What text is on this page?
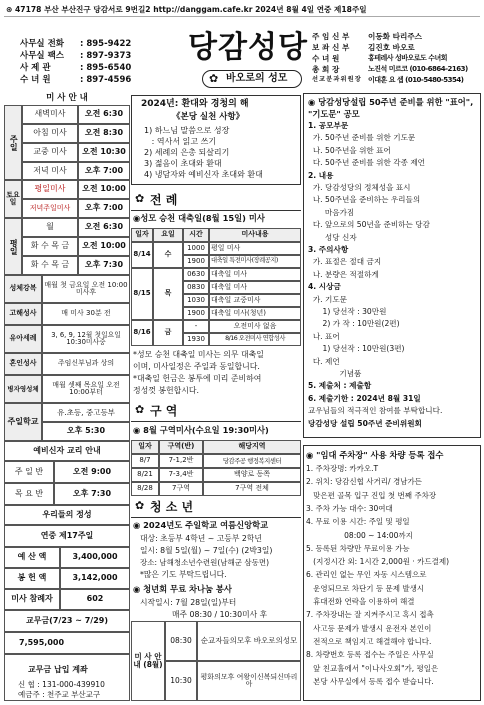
⊛ 47178 부산 부산진구 당감서로 9번길2 http://danggam.cafe.kr 2024년 8월 4일 연중 제18주일
사무실 전화 : 895-9422
사무실 팩스 : 897-9373
사 제 관	: 895-6540
수 녀 원	: 897-4596
당감성당
✿ 바오로의 성모
주 임 신 부 이동화 타리주스
보 좌 신 부 김진호 바오로
수 녀 원	홍테레사 성바오로도 수녀회
총 회 장	노진석 미르코 (010-6864-2163)
선 교 분 과 위 원 장 이대훈 요 셉 (010-5480-5354)
미 사 안 내
주일
새벽미사	오전 6:30
아침 미사	오전 8:30
교중 미사	오전 10:30
저녁 미사	오후 7:00
토요일
평일미사	오전 10:00
저녁주일미사	오후 7:00
평일
월	오전 6:30
화 수 목 금	오전 10:00
화 수 목 금	오후 7:30
성체강복	매월 첫 금요일 오전 10:00 미사후
고해성사	매 미사 30분 전
유아세례	3, 6, 9, 12월 첫일요일 10:30미사중
혼인성사	주임신부님과 상의
병자영성체	매월 셋째 목요일 오전 10:00부터
주일학교
유.초등, 중고등부
오후 5:30
예비신자 교리 안내
주 일 반	오전 9:00
목 요 반	오후 7:30
우리들의 정성
연중 제17주일
예 산 액	3,400,000
봉 헌 액	3,142,000
미사 참례자	602
교무금(7/23 ~ 7/29)
7,595,000
교무금 납입 계좌
신 협 : 131-000-439910
예금주 : 천주교 부산교구
2024년: 환대와 경청의 해
《본당 실천 사항》
1) 하느님 말씀으로 성장
: 역사서 읽고 쓰기
2) 세례의 은총 되살리기
3) 젊음이 초대와 환대
4) 냉담자와 예비신자 초대와 환대
✿ 전 례
◉성모 승천 대축일(8월 15일) 미사
일자	요일	시간	미사내용
8/14	수
1000 평일 미사
1900 대축일 특전미사(장례공지)
8/15	목
0630 대축일 미사
0830 대축일 미사
1030 대축일 교중미사
1900 대축일 미사(청년)
8/16	금
-	오전미사 없음
1930	8/16 오전미사 연합성사
*성모 승천 대축일 미사는 의무 대축일
이며, 미사일정은 주일과 동일합니다.
*대축일 헌금은 봉투에 미리 준비하여
정성껏 봉헌합시다.
✿ 구 역
◉ 8월 구역미사(수요일 19:30미사)
일자	구역(반)	해당지역
8/7	7-1,2반	당감주공 행정복지센터
8/21	7-3,4반	백양로 동쪽
8/28	7구역	7구역 전체
✿ 청 소 년
◉ 2024년도 주일학교 여름신앙학교
대상: 초등부 4학년 ~ 고등부 2학년
일시: 8월 5일(월) ~ 7일(수) (2박3일)
장소: 남해청소년수련원(남해군 삼동면)
*많은 기도 부탁드립니다.
◉ 청년회 무료 차나눔 봉사
시작일시: 7월 28일(일)부터
매주 08:30 / 10:30미사 후
미 사 안 내 (8월)
08:30	순교자들의모후 바오로의성모
10:30	평화의모후 여왕이신복되신마리아
◉ 당감성당설립 50주년 준비를 위한 "표어", "기도문" 공모
1. 공모부문
가. 50주년 준비를 위한 기도문
나. 50주년을 위한 표어
다. 50주년 준비를 위한 각종 제언
2. 내용
가. 당감성당의 정체성을 표시
나. 50주년을 준비하는 우리들의
마음가짐
다. 앞으로의 50년을 준비하는 당감
성당 신자
3. 주의사항
가. 표절은 절대 금지
나. 분량은 적절하게
4. 시상금
가. 기도문
1) 당선작 : 30만원
2) 가 작 : 10만원(2편)
나. 표어
1) 당선작 : 10만원(3편)
다. 제언
기념품
5. 제출처 : 제출함
6. 제출기한 : 2024년 8월 31일
교우님들의 적극적인 참여를 부탁합니다.
당감성당 설립 50주년 준비위원회
◉ "임대 주차장" 사용 차량 등록 접수
1. 주차장명: 카카오.T
2. 위치: 당감신협 사거리/ 경남가든
맞은편 골목 입구 진입 첫 번째 주차장
3. 주차 가능 대수: 30여대
4. 무료 이용 시간: 주일 및 평일
08:00 ~ 14:00까지
5. 등록된 차량만 무료이용 가능
(지정시간 외: 1시간 2,000원 · 카드결제)
6. 관리인 없는 무인 자동 시스템으로
운영되므로 차단기 등 문제 발생시
휴대전화 연락을 이용하여 해결
7. 주차장내는 잘 지켜주시고 혹시 접촉
사고등 문제가 발생시 운전자 본인이
전적으로 책임지고 해결해야 합니다.
8. 차량번호 등록 접수는 주일은 사무실
앞 친교홀에서 "이나사오회"가, 평일은
본당 사무실에서 등록 접수 받습니다.
